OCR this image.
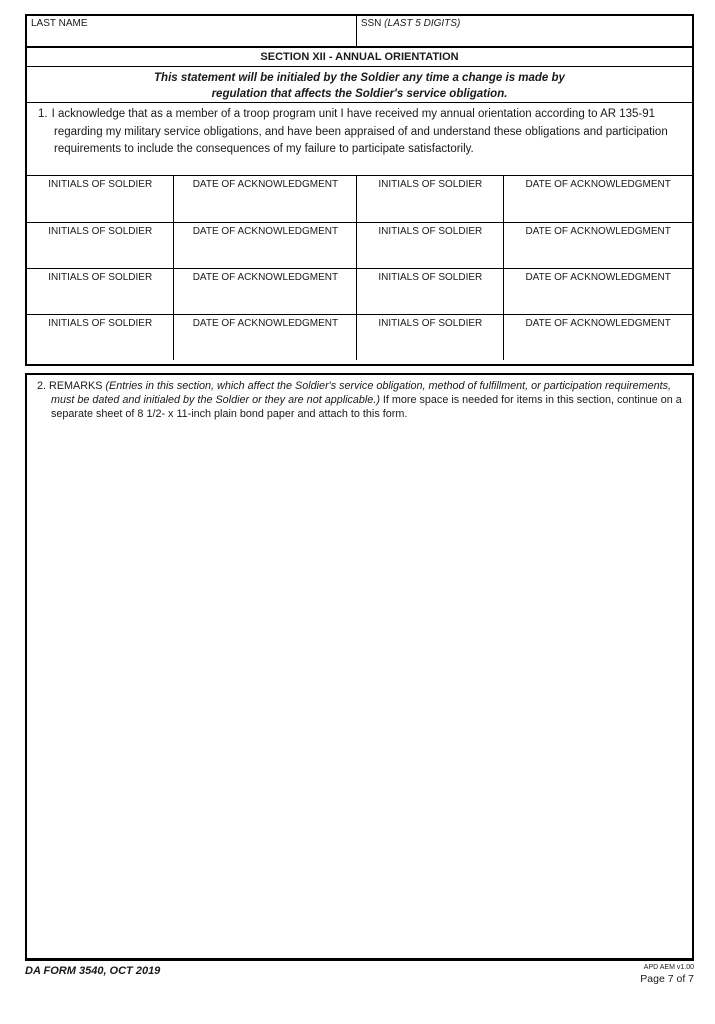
LAST NAME	SSN (LAST 5 DIGITS)
SECTION XII - ANNUAL ORIENTATION
This statement will be initialed by the Soldier any time a change is made by
regulation that affects the Soldier's service obligation.
1. I acknowledge that as a member of a troop program unit I have received my annual orientation according to AR 135-91 regarding my military service obligations, and have been appraised of and understand these obligations and participation requirements to include the consequences of my failure to participate satisfactorily.
INITIALS OF SOLDIER	DATE OF ACKNOWLEDGMENT	INITIALS OF SOLDIER	DATE OF ACKNOWLEDGMENT

INITIALS OF SOLDIER	DATE OF ACKNOWLEDGMENT	INITIALS OF SOLDIER	DATE OF ACKNOWLEDGMENT

INITIALS OF SOLDIER	DATE OF ACKNOWLEDGMENT	INITIALS OF SOLDIER	DATE OF ACKNOWLEDGMENT

INITIALS OF SOLDIER	DATE OF ACKNOWLEDGMENT	INITIALS OF SOLDIER	DATE OF ACKNOWLEDGMENT
2. REMARKS (Entries in this section, which affect the Soldier's service obligation, method of fulfillment, or participation requirements, must be dated and initialed by the Soldier or they are not applicable.) If more space is needed for items in this section, continue on a separate sheet of 8 1/2- x 11-inch plain bond paper and attach to this form.
DA FORM 3540, OCT 2019	APD AEM v1.00
Page 7 of 7
